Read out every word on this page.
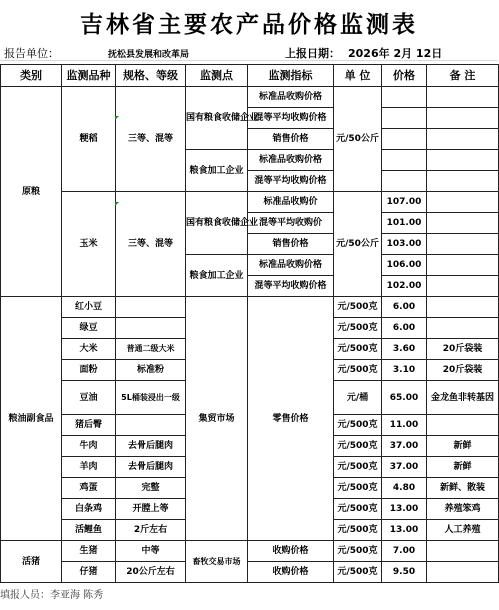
吉林省主要农产品价格监测表
报告单位：	抚松县发展和改革局	上报日期： 2026年 2月 12日
类别	监测品种	规格、等级	监测点	监测指标	单 位	价格	备 注
原粮	粳稻	三等、混等	国有粮食收储企业	标准品收购价格	元/50公斤		
				混等平均收购价格			
				销售价格			
			粮食加工企业	标准品收购价格			
				混等平均收购价格			
	玉米	三等、混等	国有粮食收储企业	标准品收购价	元/50公斤	107.00	
				混等平均收购价		101.00	
				销售价格		103.00	
			粮食加工企业	标准品收购价格		106.00	
				混等平均收购价格		102.00	
粮油副食品	红小豆		集贸市场	零售价格	元/500克	6.00	
	绿豆				元/500克	6.00	
	大米	普通二级大米			元/500克	3.60	20斤袋装
	面粉	标准粉			元/500克	3.10	20斤袋装
	豆油	5L桶装浸出一级			元/桶	65.00	金龙鱼非转基因
	猪后臀				元/500克	11.00	
	牛肉	去骨后腿肉			元/500克	37.00	新鲜
	羊肉	去骨后腿肉			元/500克	37.00	新鲜
	鸡蛋	完整			元/500克	4.80	新鲜、散装
	白条鸡	开膛上等			元/500克	13.00	养殖笨鸡
	活鲤鱼	2斤左右			元/500克	13.00	人工养殖
活猪	生猪	中等	畜牧交易市场	收购价格	元/500克	7.00	
	仔猪	20公斤左右		收购价格	元/500克	9.50	
填报人员：李亚海 陈秀
